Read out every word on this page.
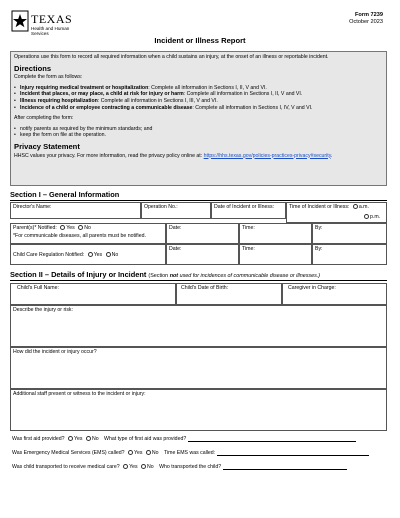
TEXAS
Health and Human
Services
Form 7239
October 2023
Incident or Illness Report
Operations use this form to record all required information when a child sustains an injury, at the onset of an illness or reportable incident.
Directions
Complete the form as follows:
• Injury requiring medical treatment or hospitalization: Complete all information in Sections I, II, V and VI.
• Incident that places, or may place, a child at risk for injury or harm: Complete all information in Sections I, II, V and VI.
• Illness requiring hospitalization: Complete all information in Sections I, III, V and VI.
• Incidence of a child or employee contracting a communicable disease: Complete all information in Sections I, IV, V and VI.
After completing the form:
• notify parents as required by the minimum standards; and
• keep the form on file at the operation.
Privacy Statement
HHSC values your privacy. For more information, read the privacy policy online at: https://hhs.texas.gov/policies-practices-privacy#security.
Section I – General Information
Director's Name:	Operation No.:	Date of Incident or Illness:	Time of Incident or Illness: a.m.
p.m.
Parent(s)* Notified: Yes No
*For communicable diseases, all parents must be notified.
Date:	Time:	By:
Child Care Regulation Notified: Yes No
Date:	Time:	By:
Section II – Details of Injury or Incident (Section not used for incidences of communicable disease or illnesses.)
Child's Full Name:	Child's Date of Birth:	Caregiver in Charge:
Describe the injury or risk:
How did the incident or injury occur?
Additional staff present or witness to the incident or injury:
Was first aid provided? Yes No What type of first aid was provided?
Was Emergency Medical Services (EMS) called? Yes No Time EMS was called:
Was child transported to receive medical care? Yes No Who transported the child?
